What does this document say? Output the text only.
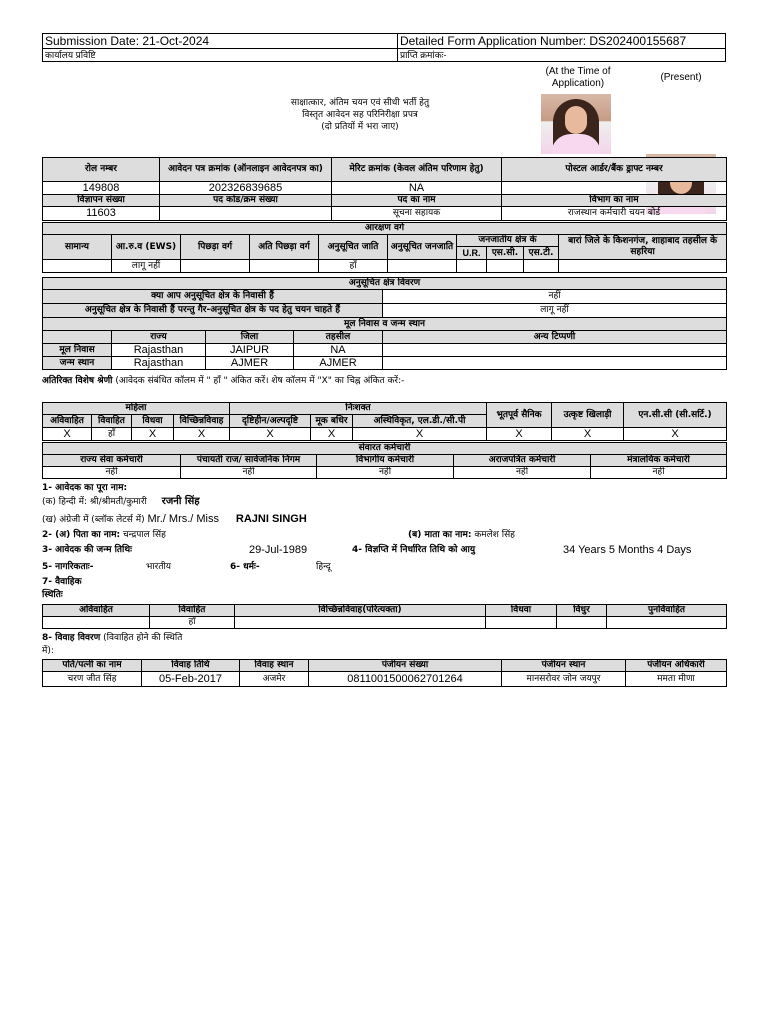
Submission Date: 21-Oct-2024	Detailed Form Application Number: DS202400155687
कार्यालय प्रविष्टि	प्राप्ति क्रमांकः-
(At the Time of Application)
(Present)
साक्षात्कार, अंतिम चयन एवं सीधी भर्ती हेतु
विस्तृत आवेदन सह परिनिरीक्षा प्रपत्र
(दो प्रतियों में भरा जाए)
रोल नम्बर	आवेदन पत्र क्रमांक (ऑनलाइन आवेदनपत्र का)	मेरिट क्रमांक (केवल अंतिम परिणाम हेतु)	पोस्टल आर्डर/बैंक ड्राफ्ट नम्बर
149808	202326839685	NA	
विज्ञापन संख्या	पद कोड/क्रम संख्या	पद का नाम	विभाग का नाम
11603		सूचना सहायक	राजस्थान कर्मचारी चयन बोर्ड
आरक्षण वर्ग									
सामान्य	आ.रु.व (EWS)	पिछड़ा वर्ग	अति पिछड़ा वर्ग	अनुसूचित जाति	अनुसूचित जनजाति	जनजातीय क्षेत्र के			बारां जिले के किशनगंज, शाहाबाद तहसील के सहरिया
						U.R.	एस.सी.	एस.टी.	
	लागू नहीं			हाँ					
अनुसूचित क्षेत्र विवरण				
क्या आप अनुसूचित क्षेत्र के निवासी हैं				नहीं
अनुसूचित क्षेत्र के निवासी हैं परन्तु गैर-अनुसूचित क्षेत्र के पद हेतु चयन चाहते हैं				लागू नहीं
मूल निवास व जन्म स्थान				
	राज्य	जिला	तहसील	अन्य टिप्पणी
मूल निवास	Rajasthan	JAIPUR	NA	
जन्म स्थान	Rajasthan	AJMER	AJMER	
अतिरिक्त विशेष श्रेणी (आवेदक संबंधित कॉलम में " हाँ " अंकित करें। शेष कॉलम में "X" का चिह्न अंकित करें:-
महिला				निःशक्त			भूतपूर्व सैनिक	उत्कृष्ट खिलाड़ी	एन.सी.सी (सी.सर्टि.)
अविवाहित	विवाहित	विधवा	विच्छिन्नविवाह	दृष्टिहीन/अल्पदृष्टि	मूक बधिर	अस्थिविकृत, एल.डी./सी.पी			
X	हाँ	X	X	X	X	X	X	X	X
सेवारत कर्मचारी				
राज्य सेवा कर्मचारी	पंचायती राज/ सार्वजनिक निगम	विभागीय कर्मचारी	अराजपत्रित कर्मचारी	मंत्रालयिक कर्मचारी
नहीं	नहीं	नहीं	नहीं	नहीं
1- आवेदक का पूरा नाम:
(क) हिन्दी में: श्री/श्रीमती/कुमारी रजनी सिंह
(ख) अंग्रेजी में (ब्लॉक लेटर्स में) Mr./ Mrs./ Miss RAJNI SINGH
2- (अ) पिता का नाम: चन्द्रपाल सिंह	(ब) माता का नाम: कमलेश सिंह
3- आवेदक की जन्म तिथिः	29-Jul-1989	4- विज्ञप्ति में निर्धारित तिथि को आयु	34 Years 5 Months 4 Days
5- नागरिकताः-	भारतीय	6- धर्मः-	हिन्दू
7- वैवाहिक
स्थितिः
अविवाहित	विवाहित	विच्छिन्नविवाह(परित्यक्ता)	विधवा	विधुर	पुनर्विवाहित
	हाँ				
8- विवाह विवरण (विवाहित होने की स्थिति
में):
पति/पत्नी का नाम	विवाह तिथि	विवाह स्थान	पंजीयन संख्या	पंजीयन स्थान	पंजीयन अधिकारी
चरण जीत सिंह	05-Feb-2017	अजमेर	0811001500062701264	मानसरोवर जोन जयपुर	ममता मीणा
